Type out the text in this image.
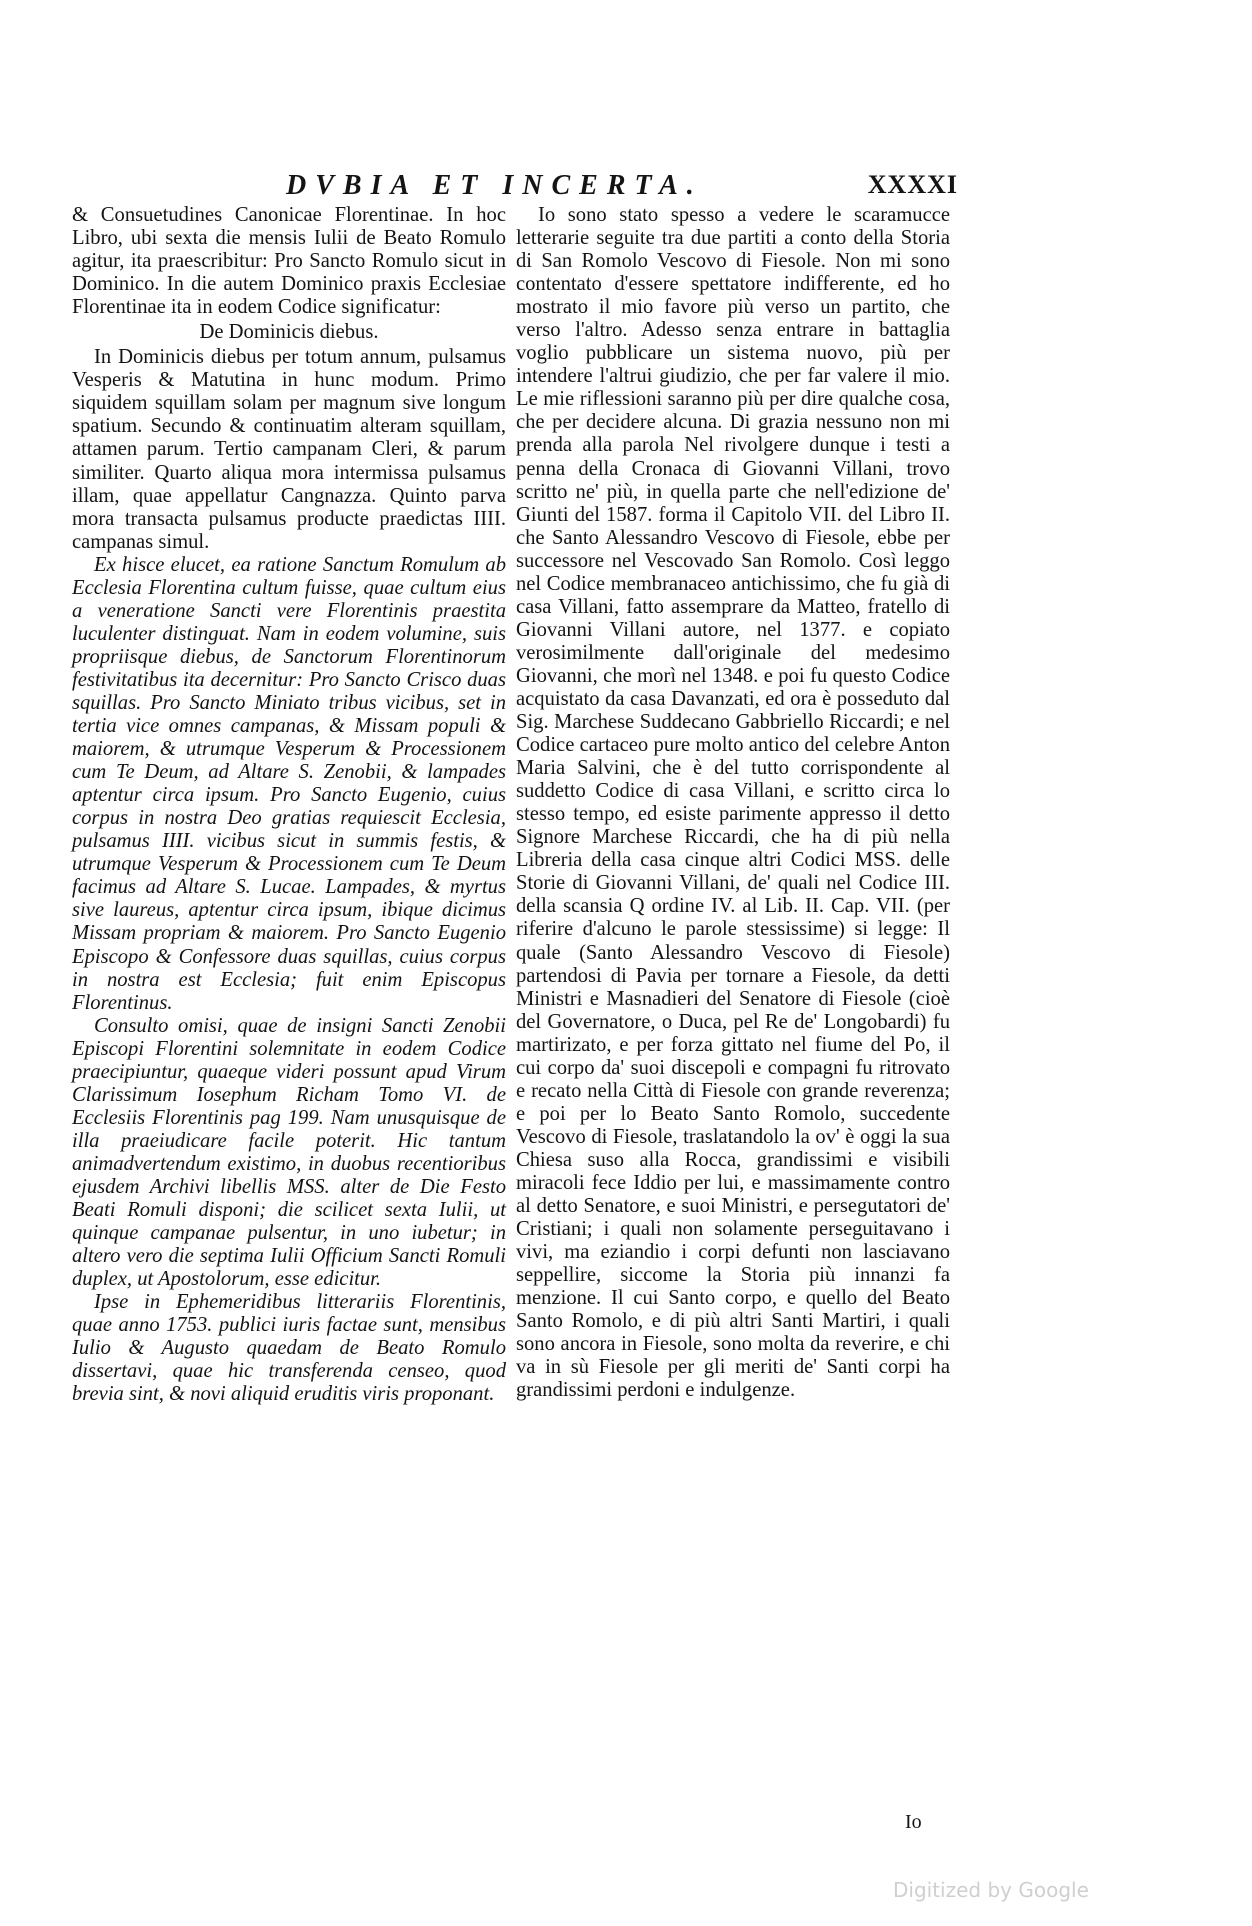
DVBIA ET INCERTA.	XXXXI

& Consuetudines Canonicae Florentinae. In hoc Libro, ubi sexta die mensis Iulii de Beato Romulo agitur, ita praescribitur: Pro Sancto Romulo sicut in Dominico. In die autem Dominico praxis Ecclesiae Florentinae ita in eodem Codice significatur:

De Dominicis diebus.

In Dominicis diebus per totum annum, pulsamus Vesperis & Matutina in hunc modum. Primo siquidem squillam solam per magnum sive longum spatium. Secundo & continuatim alteram squillam, attamen parum. Tertio campanam Cleri, & parum similiter. Quarto aliqua mora intermissa pulsamus illam, quae appellatur Cangnazza. Quinto parva mora transacta pulsamus producte praedictas IIII. campanas simul.

Ex hisce elucet, ea ratione Sanctum Romulum ab Ecclesia Florentina cultum fuisse, quae cultum eius a veneratione Sancti vere Florentinis praestita luculenter distinguat. Nam in eodem volumine, suis propriisque diebus, de Sanctorum Florentinorum festivitatibus ita decernitur: Pro Sancto Crisco duas squillas. Pro Sancto Miniato tribus vicibus, set in tertia vice omnes campanas, & Missam populi & maiorem, & utrumque Vesperum & Processionem cum Te Deum, ad Altare S. Zenobii, & lampades aptentur circa ipsum. Pro Sancto Eugenio, cuius corpus in nostra Deo gratias requiescit Ecclesia, pulsamus IIII. vicibus sicut in summis festis, & utrumque Vesperum & Processionem cum Te Deum facimus ad Altare S. Lucae. Lampades, & myrtus sive laureus, aptentur circa ipsum, ibique dicimus Missam propriam & maiorem. Pro Sancto Eugenio Episcopo & Confessore duas squillas, cuius corpus in nostra est Ecclesia; fuit enim Episcopus Florentinus.

Consulto omisi, quae de insigni Sancti Zenobii Episcopi Florentini solemnitate in eodem Codice praecipiuntur, quaeque videri possunt apud Virum Clarissimum Iosephum Richam Tomo VI. de Ecclesiis Florentinis pag 199. Nam unusquisque de illa praeiudicare facile poterit. Hic tantum animadvertendum existimo, in duobus recentioribus ejusdem Archivi libellis MSS. alter de Die Festo Beati Romuli disponi; die scilicet sexta Iulii, ut quinque campanae pulsentur, in uno iubetur; in altero vero die septima Iulii Officium Sancti Romuli duplex, ut Apostolorum, esse edicitur.

Ipse in Ephemeridibus litterariis Florentinis, quae anno 1753. publici iuris factae sunt, mensibus Iulio & Augusto quaedam de Beato Romulo dissertavi, quae hic transferenda censeo, quod brevia sint, & novi aliquid eruditis viris proponant.

Io sono stato spesso a vedere le scaramucce letterarie seguite tra due partiti a conto della Storia di San Romolo Vescovo di Fiesole. Non mi sono contentato d'essere spettatore indifferente, ed ho mostrato il mio favore più verso un partito, che verso l'altro. Adesso senza entrare in battaglia voglio pubblicare un sistema nuovo, più per intendere l'altrui giudizio, che per far valere il mio. Le mie riflessioni saranno più per dire qualche cosa, che per decidere alcuna. Di grazia nessuno non mi prenda alla parola Nel rivolgere dunque i testi a penna della Cronaca di Giovanni Villani, trovo scritto ne' più, in quella parte che nell'edizione de' Giunti del 1587. forma il Capitolo VII. del Libro II. che Santo Alessandro Vescovo di Fiesole, ebbe per successore nel Vescovado San Romolo. Così leggo nel Codice membranaceo antichissimo, che fu già di casa Villani, fatto assemprare da Matteo, fratello di Giovanni Villani autore, nel 1377. e copiato verosimilmente dall'originale del medesimo Giovanni, che morì nel 1348. e poi fu questo Codice acquistato da casa Davanzati, ed ora è posseduto dal Sig. Marchese Suddecano Gabbriello Riccardi; e nel Codice cartaceo pure molto antico del celebre Anton Maria Salvini, che è del tutto corrispondente al suddetto Codice di casa Villani, e scritto circa lo stesso tempo, ed esiste parimente appresso il detto Signore Marchese Riccardi, che ha di più nella Libreria della casa cinque altri Codici MSS. delle Storie di Giovanni Villani, de' quali nel Codice III. della scansia Q ordine IV. al Lib. II. Cap. VII. (per riferire d'alcuno le parole stessissime) si legge: Il quale (Santo Alessandro Vescovo di Fiesole) partendosi di Pavia per tornare a Fiesole, da detti Ministri e Masnadieri del Senatore di Fiesole (cioè del Governatore, o Duca, pel Re de' Longobardi) fu martirizato, e per forza gittato nel fiume del Po, il cui corpo da' suoi discepoli e compagni fu ritrovato e recato nella Città di Fiesole con grande reverenza; e poi per lo Beato Santo Romolo, succedente Vescovo di Fiesole, traslatandolo la ov' è oggi la sua Chiesa suso alla Rocca, grandissimi e visibili miracoli fece Iddio per lui, e massimamente contro al detto Senatore, e suoi Ministri, e persegutatori de' Cristiani; i quali non solamente perseguitavano i vivi, ma eziandio i corpi defunti non lasciavano seppellire, siccome la Storia più innanzi fa menzione. Il cui Santo corpo, e quello del Beato Santo Romolo, e di più altri Santi Martiri, i quali sono ancora in Fiesole, sono molta da reverire, e chi va in sù Fiesole per gli meriti de' Santi corpi ha grandissimi perdoni e indulgenze.

Io
Digitized by Google
